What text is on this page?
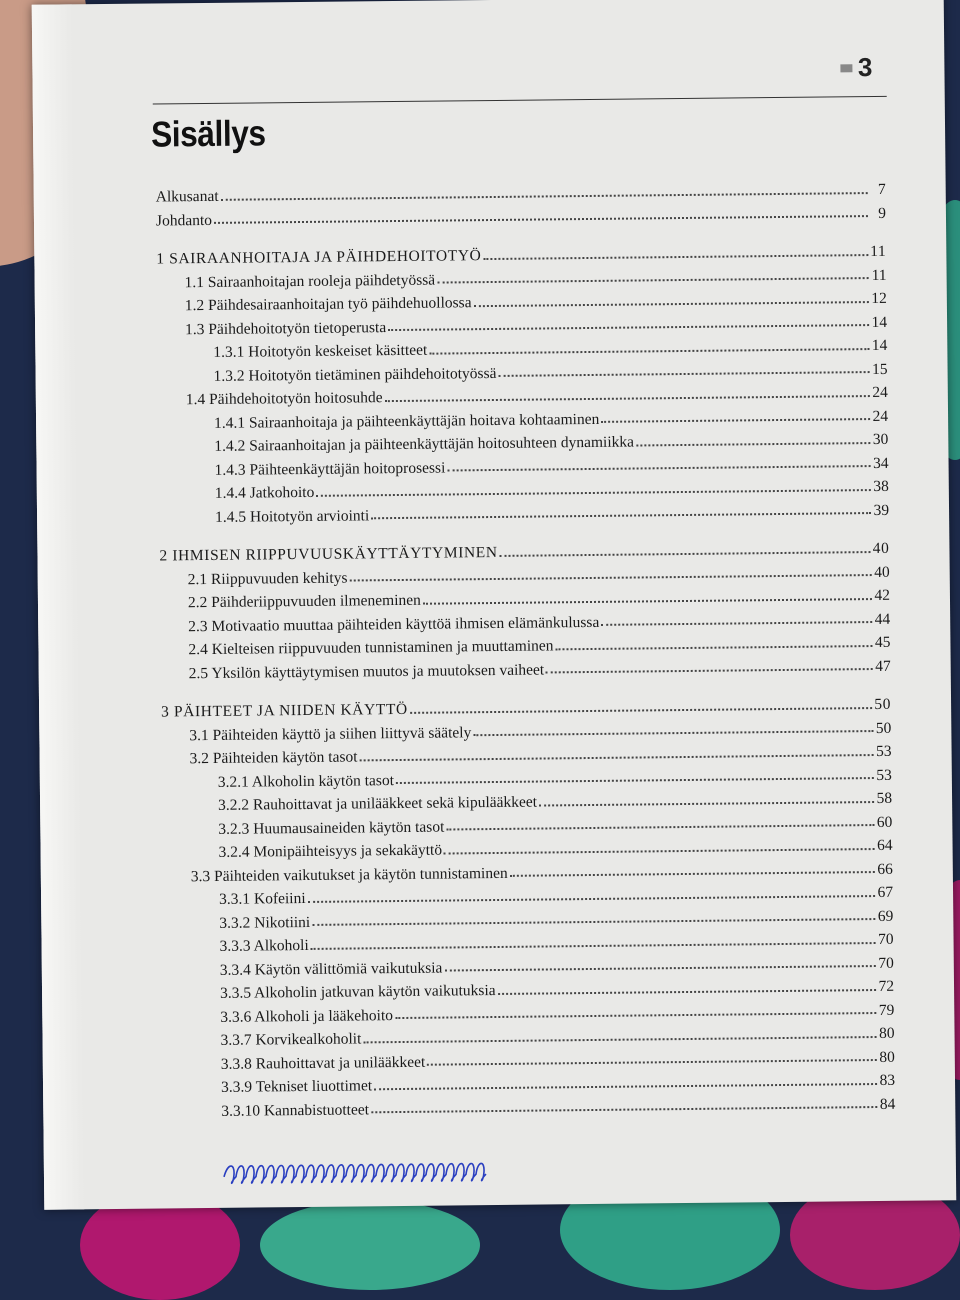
3
Sisällys
Alkusanat	7
Johdanto	9
1 SAIRAANHOITAJA JA PÄIHDEHOITOTYÖ	11
1.1 Sairaanhoitajan rooleja päihdetyössä	11
1.2 Päihdesairaanhoitajan työ päihdehuollossa	12
1.3 Päihdehoitotyön tietoperusta	14
1.3.1 Hoitotyön keskeiset käsitteet	14
1.3.2 Hoitotyön tietäminen päihdehoitotyössä	15
1.4 Päihdehoitotyön hoitosuhde	24
1.4.1 Sairaanhoitaja ja päihteenkäyttäjän hoitava kohtaaminen	24
1.4.2 Sairaanhoitajan ja päihteenkäyttäjän hoitosuhteen dynamiikka	30
1.4.3 Päihteenkäyttäjän hoitoprosessi	34
1.4.4 Jatkohoito	38
1.4.5 Hoitotyön arviointi	39
2 IHMISEN RIIPPUVUUSKÄYTTÄYTYMINEN	40
2.1 Riippuvuuden kehitys	40
2.2 Päihderiippuvuuden ilmeneminen	42
2.3 Motivaatio muuttaa päihteiden käyttöä ihmisen elämänkulussa	44
2.4 Kielteisen riippuvuuden tunnistaminen ja muuttaminen	45
2.5 Yksilön käyttäytymisen muutos ja muutoksen vaiheet	47
3 PÄIHTEET JA NIIDEN KÄYTTÖ	50
3.1 Päihteiden käyttö ja siihen liittyvä säätely	50
3.2 Päihteiden käytön tasot	53
3.2.1 Alkoholin käytön tasot	53
3.2.2 Rauhoittavat ja unilääkkeet sekä kipulääkkeet	58
3.2.3 Huumausaineiden käytön tasot	60
3.2.4 Monipäihteisyys ja sekakäyttö	64
3.3 Päihteiden vaikutukset ja käytön tunnistaminen	66
3.3.1 Kofeiini	67
3.3.2 Nikotiini	69
3.3.3 Alkoholi	70
3.3.4 Käytön välittömiä vaikutuksia	70
3.3.5 Alkoholin jatkuvan käytön vaikutuksia	72
3.3.6 Alkoholi ja lääkehoito	79
3.3.7 Korvikealkoholit	80
3.3.8 Rauhoittavat ja unilääkkeet	80
3.3.9 Tekniset liuottimet	83
3.3.10 Kannabistuotteet	84
